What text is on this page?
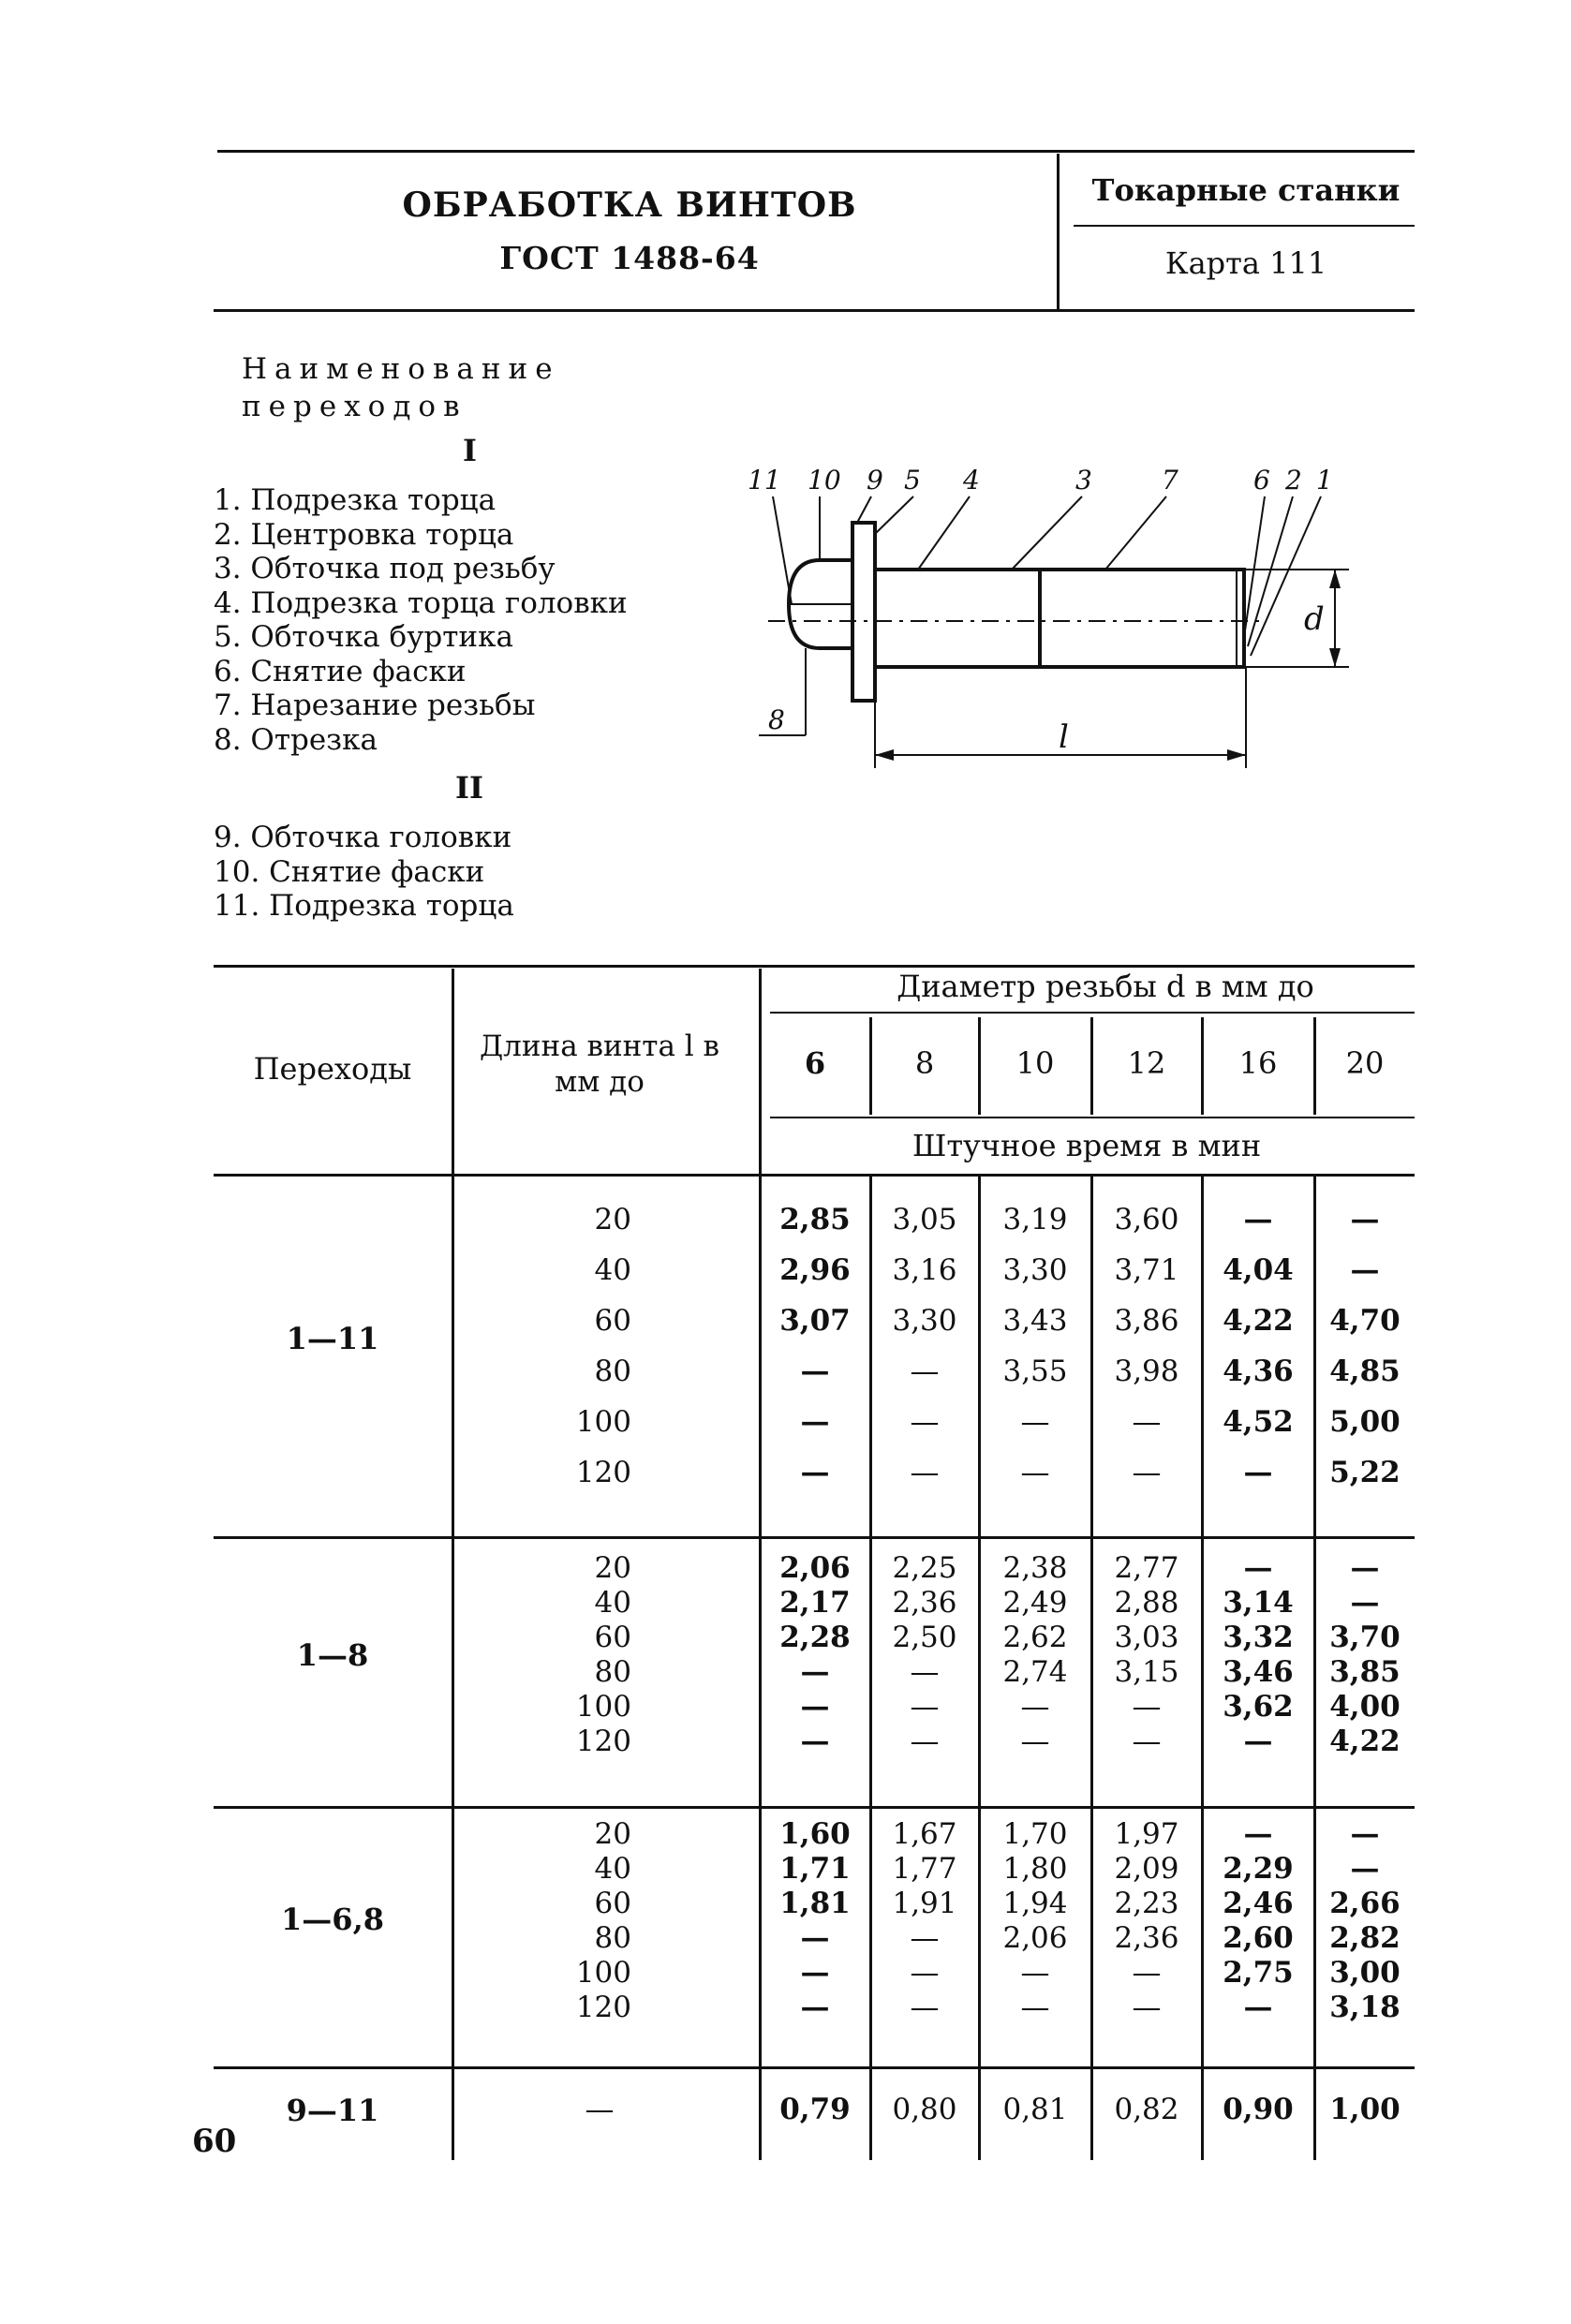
ОБРАБОТКА ВИНТОВ
ГОСТ 1488-64
Токарные станки
Карта 111
Наименование переходов
I
1. Подрезка торца
2. Центровка торца
3. Обточка под резьбу
4. Подрезка торца головки
5. Обточка буртика
6. Снятие фаски
7. Нарезание резьбы
8. Отрезка
II
9. Обточка головки
10. Снятие фаски
11. Подрезка торца
11 10 9 5 4	3	7	6 2 1
8	l
d
Переходы
Длина винта l в мм до
Диаметр резьбы d в мм до
6	8	10	12	16	20
Штучное время в мин
1—11
20	2,85	3,05	3,19	3,60	—	—
40	2,96	3,16	3,30	3,71	4,04	—
60	3,07	3,30	3,43	3,86	4,22	4,70
80	—	—	3,55	3,98	4,36	4,85
100	—	—	—	—	4,52	5,00
120	—	—	—	—	—	5,22
1—8
20	2,06	2,25	2,38	2,77	—	—
40	2,17	2,36	2,49	2,88	3,14	—
60	2,28	2,50	2,62	3,03	3,32	3,70
80	—	—	2,74	3,15	3,46	3,85
100	—	—	—	—	3,62	4,00
120	—	—	—	—	—	4,22
1—6,8
20	1,60	1,67	1,70	1,97	—	—
40	1,71	1,77	1,80	2,09	2,29	—
60	1,81	1,91	1,94	2,23	2,46	2,66
80	—	—	2,06	2,36	2,60	2,82
100	—	—	—	—	2,75	3,00
120	—	—	—	—	—	3,18
9—11	—	0,79	0,80	0,81	0,82	0,90	1,00
60
